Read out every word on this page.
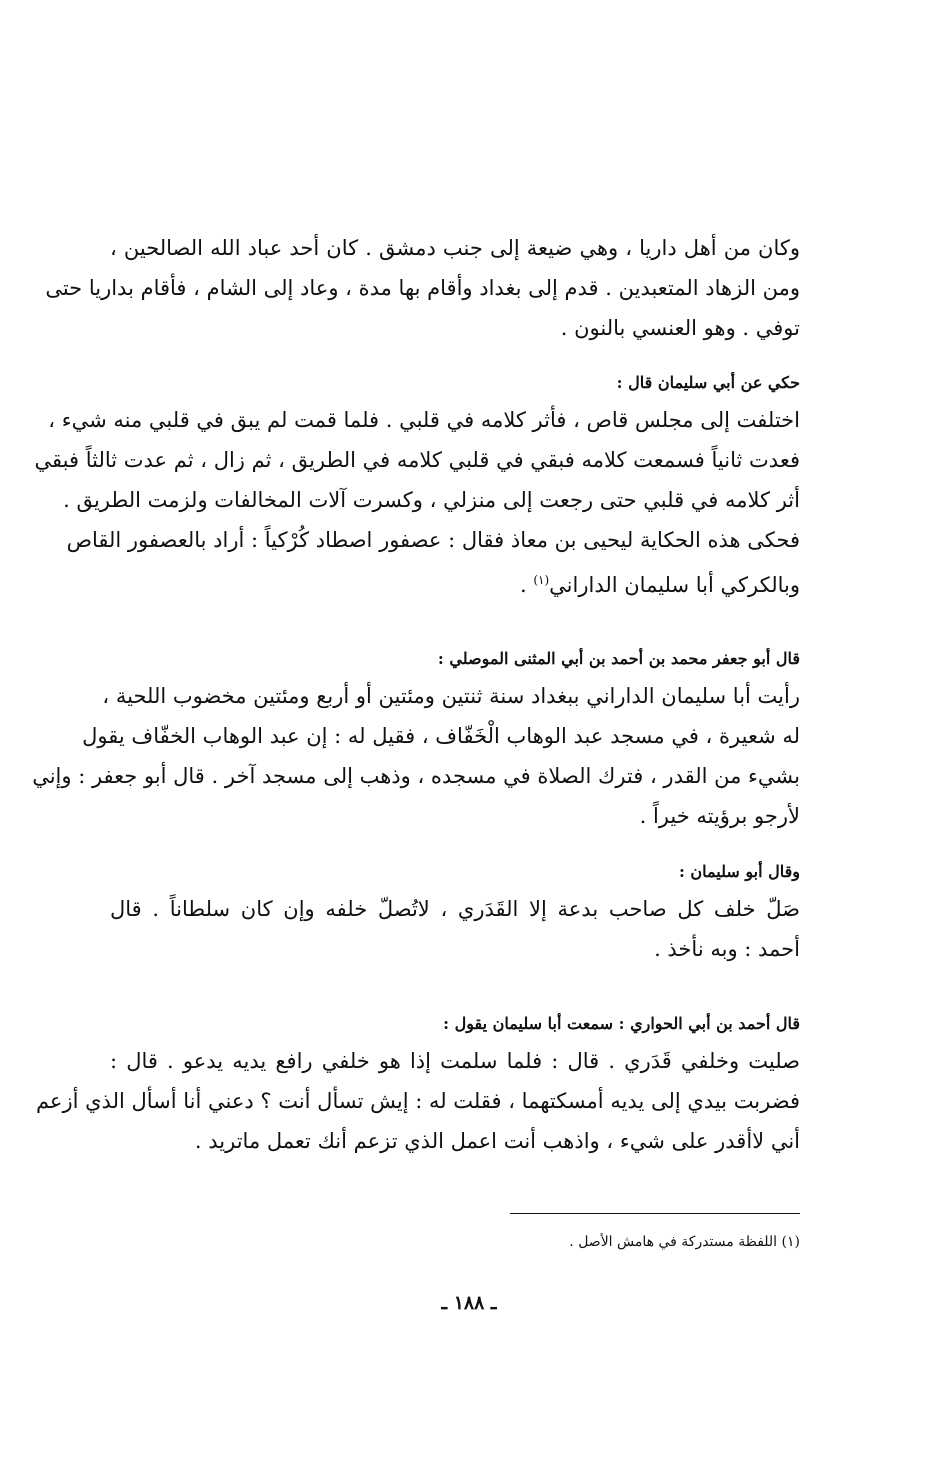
وكان من أهل داريا ، وهي ضيعة إلى جنب دمشق . كان أحد عباد الله الصالحين ،
ومن الزهاد المتعبدين . قدم إلى بغداد وأقام بها مدة ، وعاد إلى الشام ، فأقام بداريا حتى
توفي . وهو العنسي بالنون .
حكي عن أبي سليمان قال :
اختلفت إلى مجلس قاص ، فأثر كلامه في قلبي . فلما قمت لم يبق في قلبي منه شيء ،
فعدت ثانياً فسمعت كلامه فبقي في قلبي كلامه في الطريق ، ثم زال ، ثم عدت ثالثاً فبقي
أثر كلامه في قلبي حتى رجعت إلى منزلي ، وكسرت آلات المخالفات ولزمت الطريق .
فحكى هذه الحكاية ليحيى بن معاذ فقال : عصفور اصطاد كُرْكياً : أراد بالعصفور القاص
وبالكركي أبا سليمان الداراني$^{(١)}$ .
قال أبو جعفر محمد بن أحمد بن أبي المثنى الموصلي :
رأيت أبا سليمان الداراني ببغداد سنة ثنتين ومئتين أو أربع ومئتين مخضوب اللحية ،
له شعيرة ، في مسجد عبد الوهاب الْخَفّاف ، فقيل له : إن عبد الوهاب الخفّاف يقول
بشيء من القدر ، فترك الصلاة في مسجده ، وذهب إلى مسجد آخر . قال أبو جعفر : وإني
لأرجو برؤيته خيراً .
وقال أبو سليمان :
صَلّ خلف كل صاحب بدعة إلا القَدَري ، لاتُصلّ خلفه وإن كان سلطاناً . قال
أحمد : وبه نأخذ .
قال أحمد بن أبي الحواري : سمعت أبا سليمان يقول :
صليت وخلفي قَدَري . قال : فلما سلمت إذا هو خلفي رافع يديه يدعو . قال :
فضربت بيدي إلى يديه أمسكتهما ، فقلت له : إيش تسأل أنت ؟ دعني أنا أسأل الذي أزعم
أني لاأقدر على شيء ، واذهب أنت اعمل الذي تزعم أنك تعمل ماتريد .
(١) اللفظة مستدركة في هامش الأصل .
ـ ١٨٨ ـ
